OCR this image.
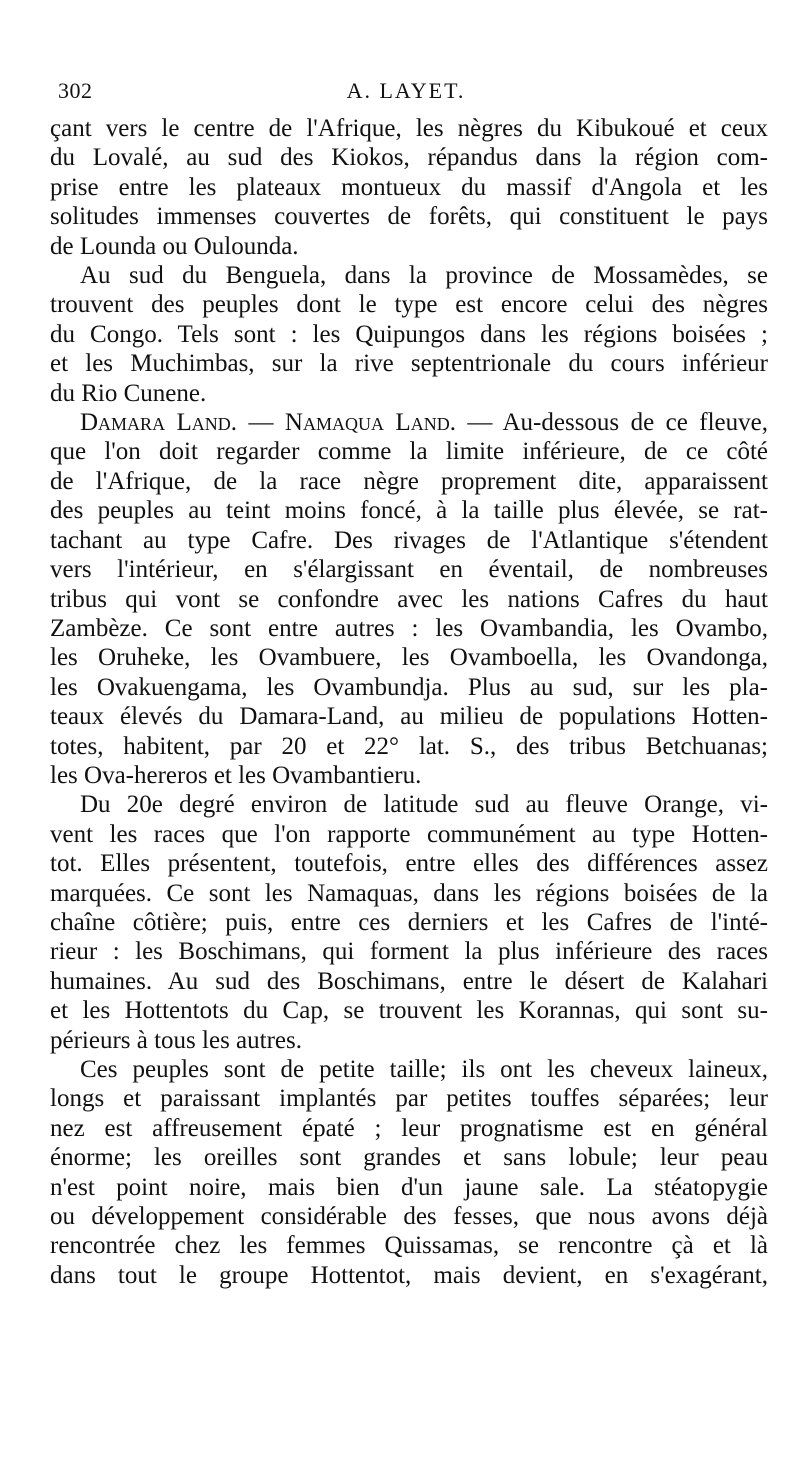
302	A. LAYET.

çant vers le centre de l'Afrique, les nègres du Kibukoué et ceux
du Lovalé, au sud des Kiokos, répandus dans la région com-
prise entre les plateaux montueux du massif d'Angola et les
solitudes immenses couvertes de forêts, qui constituent le pays
de Lounda ou Oulounda.

Au sud du Benguela, dans la province de Mossamèdes, se
trouvent des peuples dont le type est encore celui des nègres
du Congo. Tels sont : les Quipungos dans les régions boisées ;
et les Muchimbas, sur la rive septentrionale du cours inférieur
du Rio Cunene.

Damara Land. — Namaqua Land. — Au-dessous de ce fleuve,
que l'on doit regarder comme la limite inférieure, de ce côté
de l'Afrique, de la race nègre proprement dite, apparaissent
des peuples au teint moins foncé, à la taille plus élevée, se rat-
tachant au type Cafre. Des rivages de l'Atlantique s'étendent
vers l'intérieur, en s'élargissant en éventail, de nombreuses
tribus qui vont se confondre avec les nations Cafres du haut
Zambèze. Ce sont entre autres : les Ovambandia, les Ovambo,
les Oruheke, les Ovambuere, les Ovamboella, les Ovandonga,
les Ovakuengama, les Ovambundja. Plus au sud, sur les pla-
teaux élevés du Damara-Land, au milieu de populations Hotten-
totes, habitent, par 20 et 22° lat. S., des tribus Betchuanas;
les Ova-hereros et les Ovambantieru.

Du 20e degré environ de latitude sud au fleuve Orange, vi-
vent les races que l'on rapporte communément au type Hotten-
tot. Elles présentent, toutefois, entre elles des différences assez
marquées. Ce sont les Namaquas, dans les régions boisées de la
chaîne côtière; puis, entre ces derniers et les Cafres de l'inté-
rieur : les Boschimans, qui forment la plus inférieure des races
humaines. Au sud des Boschimans, entre le désert de Kalahari
et les Hottentots du Cap, se trouvent les Korannas, qui sont su-
périeurs à tous les autres.

Ces peuples sont de petite taille; ils ont les cheveux laineux,
longs et paraissant implantés par petites touffes séparées; leur
nez est affreusement épaté ; leur prognatisme est en général
énorme; les oreilles sont grandes et sans lobule; leur peau
n'est point noire, mais bien d'un jaune sale. La stéatopygie
ou développement considérable des fesses, que nous avons déjà
rencontrée chez les femmes Quissamas, se rencontre çà et là
dans tout le groupe Hottentot, mais devient, en s'exagérant,
